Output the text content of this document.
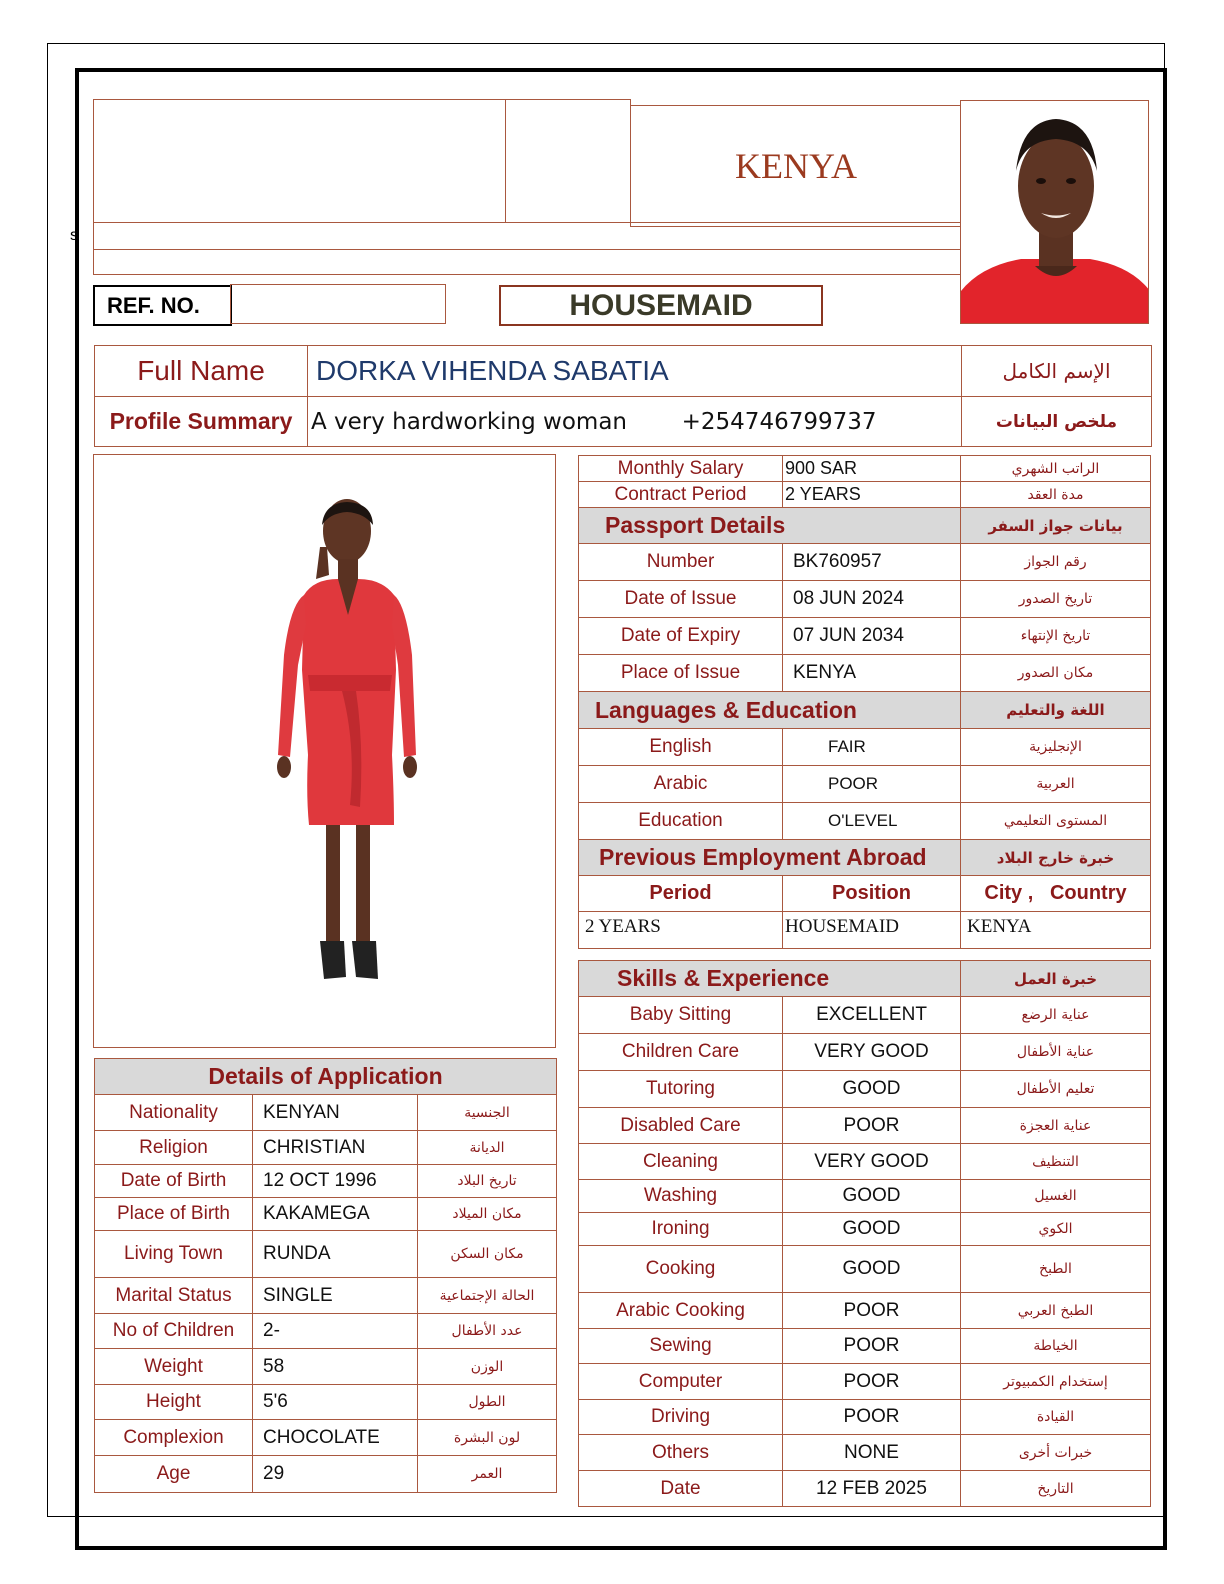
s
KENYA
REF. NO.	HOUSEMAID
Full Name	DORKA VIHENDA SABATIA	الإسم الكامل
Profile Summary	A very hardworking woman +254746799737	ملخص البيانات
Details of Application		
Nationality	KENYAN	الجنسية
Religion	CHRISTIAN	الديانة
Date of Birth	12 OCT 1996	تاريخ البلاد
Place of Birth	KAKAMEGA	مكان الميلاد
Living Town	RUNDA	مكان السكن
Marital Status	SINGLE	الحالة الإجتماعية
No of Children	2-	عدد الأطفال
Weight	58	الوزن
Height	5'6	الطول
Complexion	CHOCOLATE	لون البشرة
Age	29	العمر
Monthly Salary	900 SAR	الراتب الشهري
Contract Period	2 YEARS	مدة العقد
Passport Details		بيانات جواز السفر
Number	BK760957	رقم الجواز
Date of Issue	08 JUN 2024	تاريخ الصدور
Date of Expiry	07 JUN 2034	تاريخ الإنتهاء
Place of Issue	KENYA	مكان الصدور
Languages & Education		اللغة والتعليم
English	FAIR	الإنجليزية
Arabic	POOR	العربية
Education	O'LEVEL	المستوى التعليمي
Previous Employment Abroad		خبرة خارج البلاد
Period	Position	City ,   Country
2 YEARS	HOUSEMAID	KENYA

Skills & Experience		خبرة العمل
Baby Sitting	EXCELLENT	عناية الرضع
Children Care	VERY GOOD	عناية الأطفال
Tutoring	GOOD	تعليم الأطفال
Disabled Care	POOR	عناية العجزة
Cleaning	VERY GOOD	التنظيف
Washing	GOOD	الغسيل
Ironing	GOOD	الكوي
Cooking	GOOD	الطبخ
Arabic Cooking	POOR	الطبخ العربي
Sewing	POOR	الخياطة
Computer	POOR	إستخدام الكمبيوتر
Driving	POOR	القيادة
Others	NONE	خبرات أخرى
Date	12 FEB 2025	التاريخ
